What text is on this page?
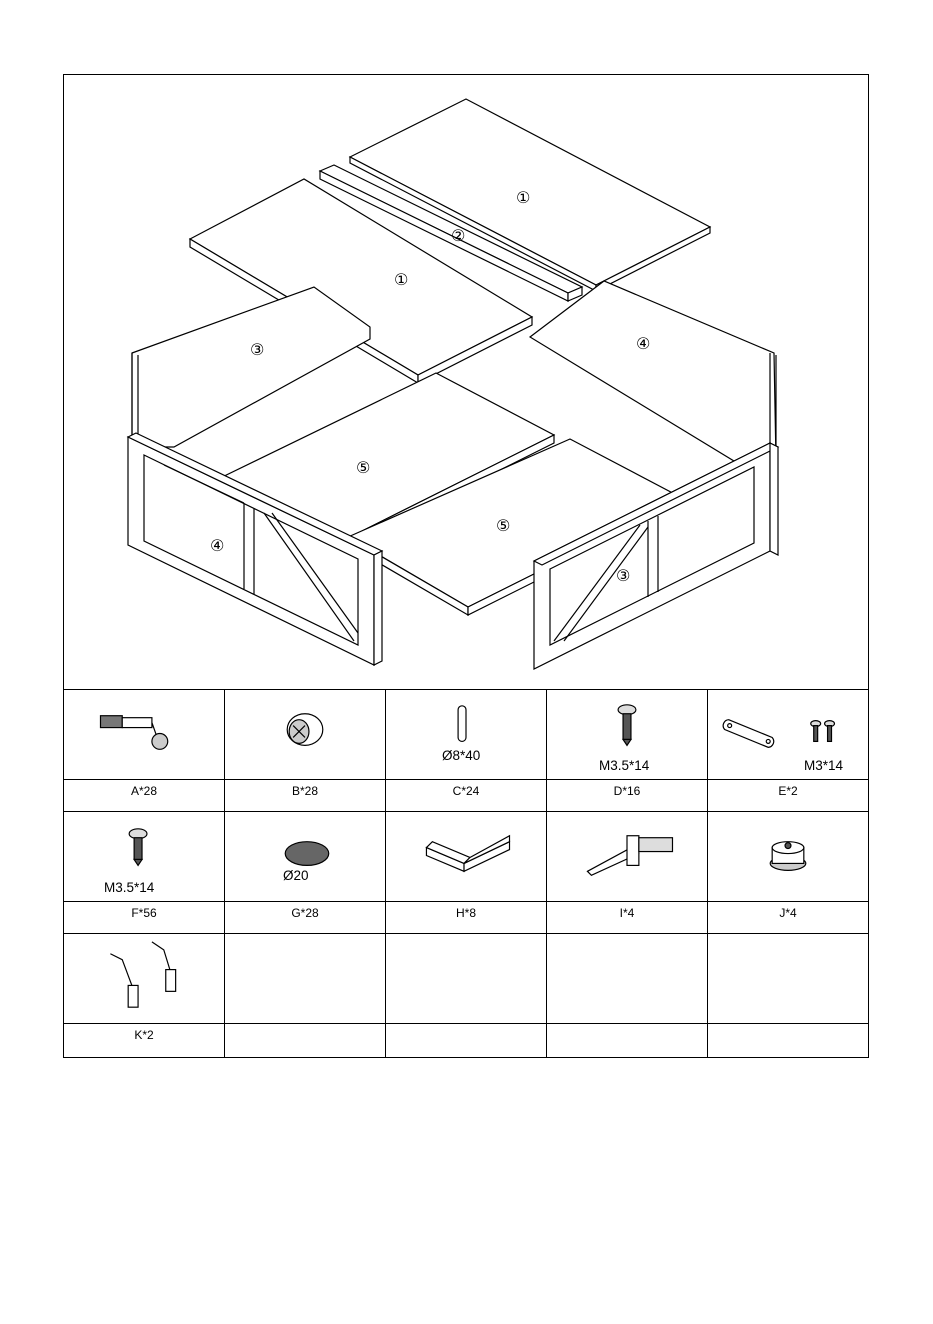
①
②
①
③	④
⑤
⑤
④
③
Ø8*40
M3.5*14	M3*14
A*28	B*28	C*24	D*16	E*2
M3.5*14
Ø20
F*56	G*28	H*8	I*4	J*4
K*2
